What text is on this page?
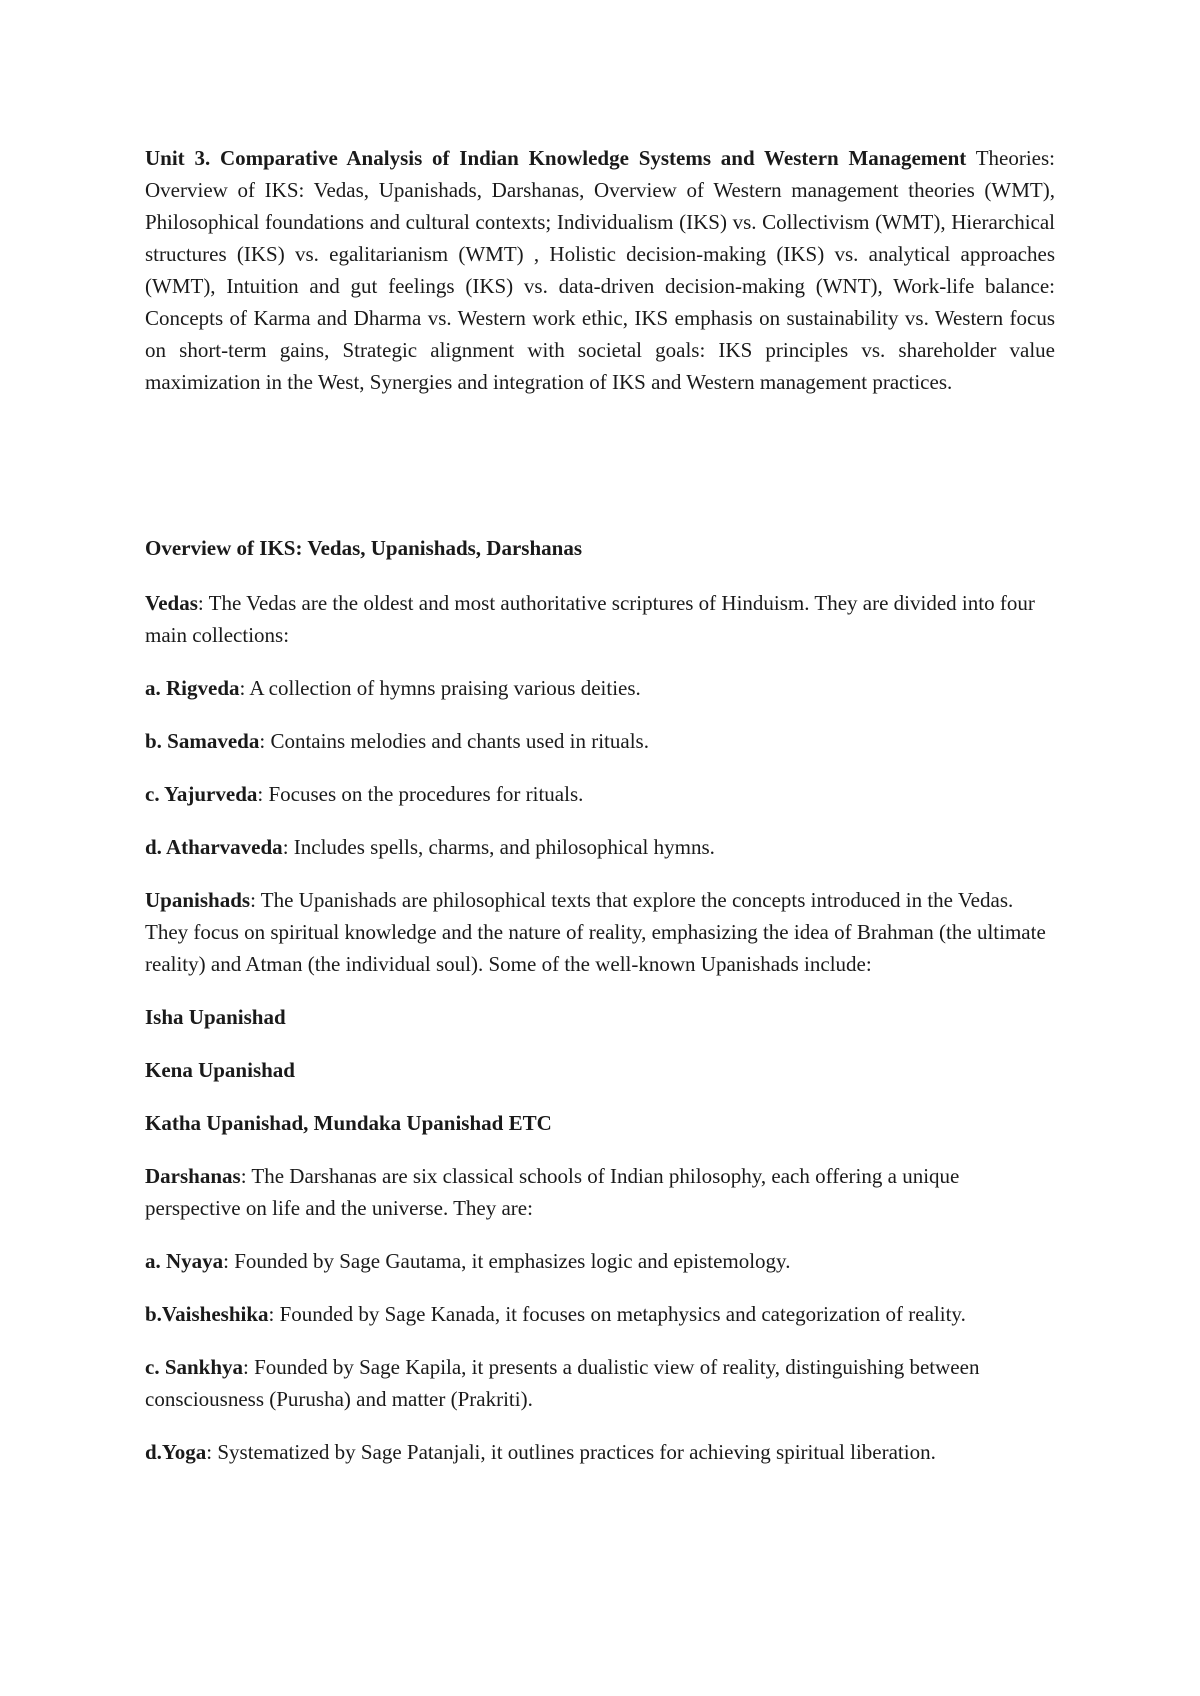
Unit 3. Comparative Analysis of Indian Knowledge Systems and Western Management Theories: Overview of IKS: Vedas, Upanishads, Darshanas, Overview of Western management theories (WMT), Philosophical foundations and cultural contexts; Individualism (IKS) vs. Collectivism (WMT), Hierarchical structures (IKS) vs. egalitarianism (WMT) , Holistic decision-making (IKS) vs. analytical approaches (WMT), Intuition and gut feelings (IKS) vs. data-driven decision-making (WNT), Work-life balance: Concepts of Karma and Dharma vs. Western work ethic, IKS emphasis on sustainability vs. Western focus on short-term gains, Strategic alignment with societal goals: IKS principles vs. shareholder value maximization in the West, Synergies and integration of IKS and Western management practices.

Overview of IKS: Vedas, Upanishads, Darshanas

Vedas: The Vedas are the oldest and most authoritative scriptures of Hinduism. They are divided into four main collections:

a. Rigveda: A collection of hymns praising various deities.

b. Samaveda: Contains melodies and chants used in rituals.

c. Yajurveda: Focuses on the procedures for rituals.

d. Atharvaveda: Includes spells, charms, and philosophical hymns.

Upanishads: The Upanishads are philosophical texts that explore the concepts introduced in the Vedas. They focus on spiritual knowledge and the nature of reality, emphasizing the idea of Brahman (the ultimate reality) and Atman (the individual soul). Some of the well-known Upanishads include:

Isha Upanishad

Kena Upanishad

Katha Upanishad, Mundaka Upanishad ETC

Darshanas: The Darshanas are six classical schools of Indian philosophy, each offering a unique perspective on life and the universe. They are:

a. Nyaya: Founded by Sage Gautama, it emphasizes logic and epistemology.

b.Vaisheshika: Founded by Sage Kanada, it focuses on metaphysics and categorization of reality.

c. Sankhya: Founded by Sage Kapila, it presents a dualistic view of reality, distinguishing between consciousness (Purusha) and matter (Prakriti).

d.Yoga: Systematized by Sage Patanjali, it outlines practices for achieving spiritual liberation.
